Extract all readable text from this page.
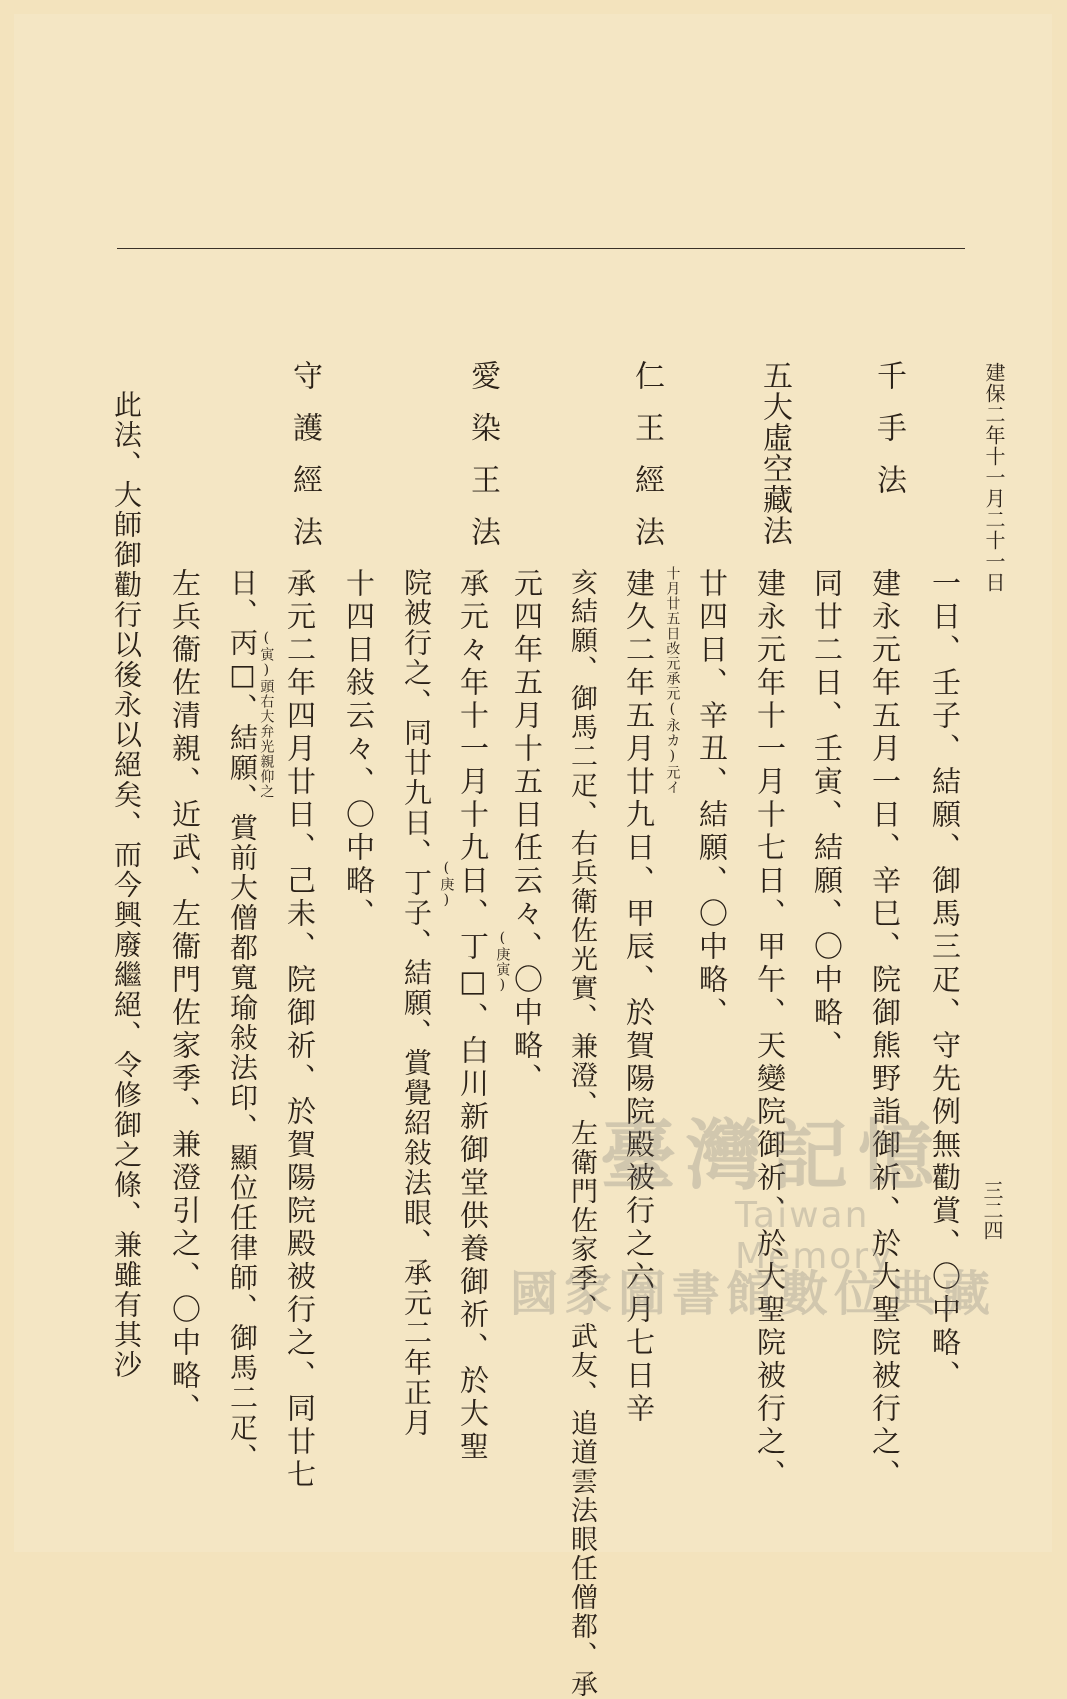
建保二年十一月二十一日
三二四
千手法
五大虛空藏法
仁王經法
愛染王法
守護經法
一日、壬子、結願、御馬三疋、守先例無勸賞、〇中略、
建永元年五月一日、辛巳、院御熊野詣御祈、於大聖院被行之、
同廿二日、壬寅、結願、〇中略、
建永元年十一月十七日、甲午、天變院御祈、於大聖院被行之、
廿四日、辛丑、結願、〇中略、
建久二年五月廿九日、甲辰、於賀陽院殿被行之六月七日辛 十月廿五日改元承元(永カ)元イ
亥結願、御馬二疋、右兵衛佐光實、兼澄、左衛門佐家季、武友、追道雲法眼任僧都、承
元四年五月十五日任云々、〇中略、
承元々年十一月十九日、丁□、白川新御堂供養御祈、於大聖 (庚寅)
院被行之、同廿九日、丁子、結願、賞覺紹敍法眼、承元二年正月 (庚)
十四日敍云々、〇中略、
承元二年四月廿日、己未、院御祈、於賀陽院殿被行之、同廿七
日、丙□、結願、賞前大僧都寬瑜敍法印、顯位任律師、御馬二疋、 (寅)頭右大弁光親仰之
左兵衞佐清親、近武、左衞門佐家季、兼澄引之、〇中略、
此法、大師御勸行以後永以絕矣、而今興廢繼絕、令修御之條、兼雖有其沙	臺灣記憶
Taiwan Memory
國家圖書館數位典藏
